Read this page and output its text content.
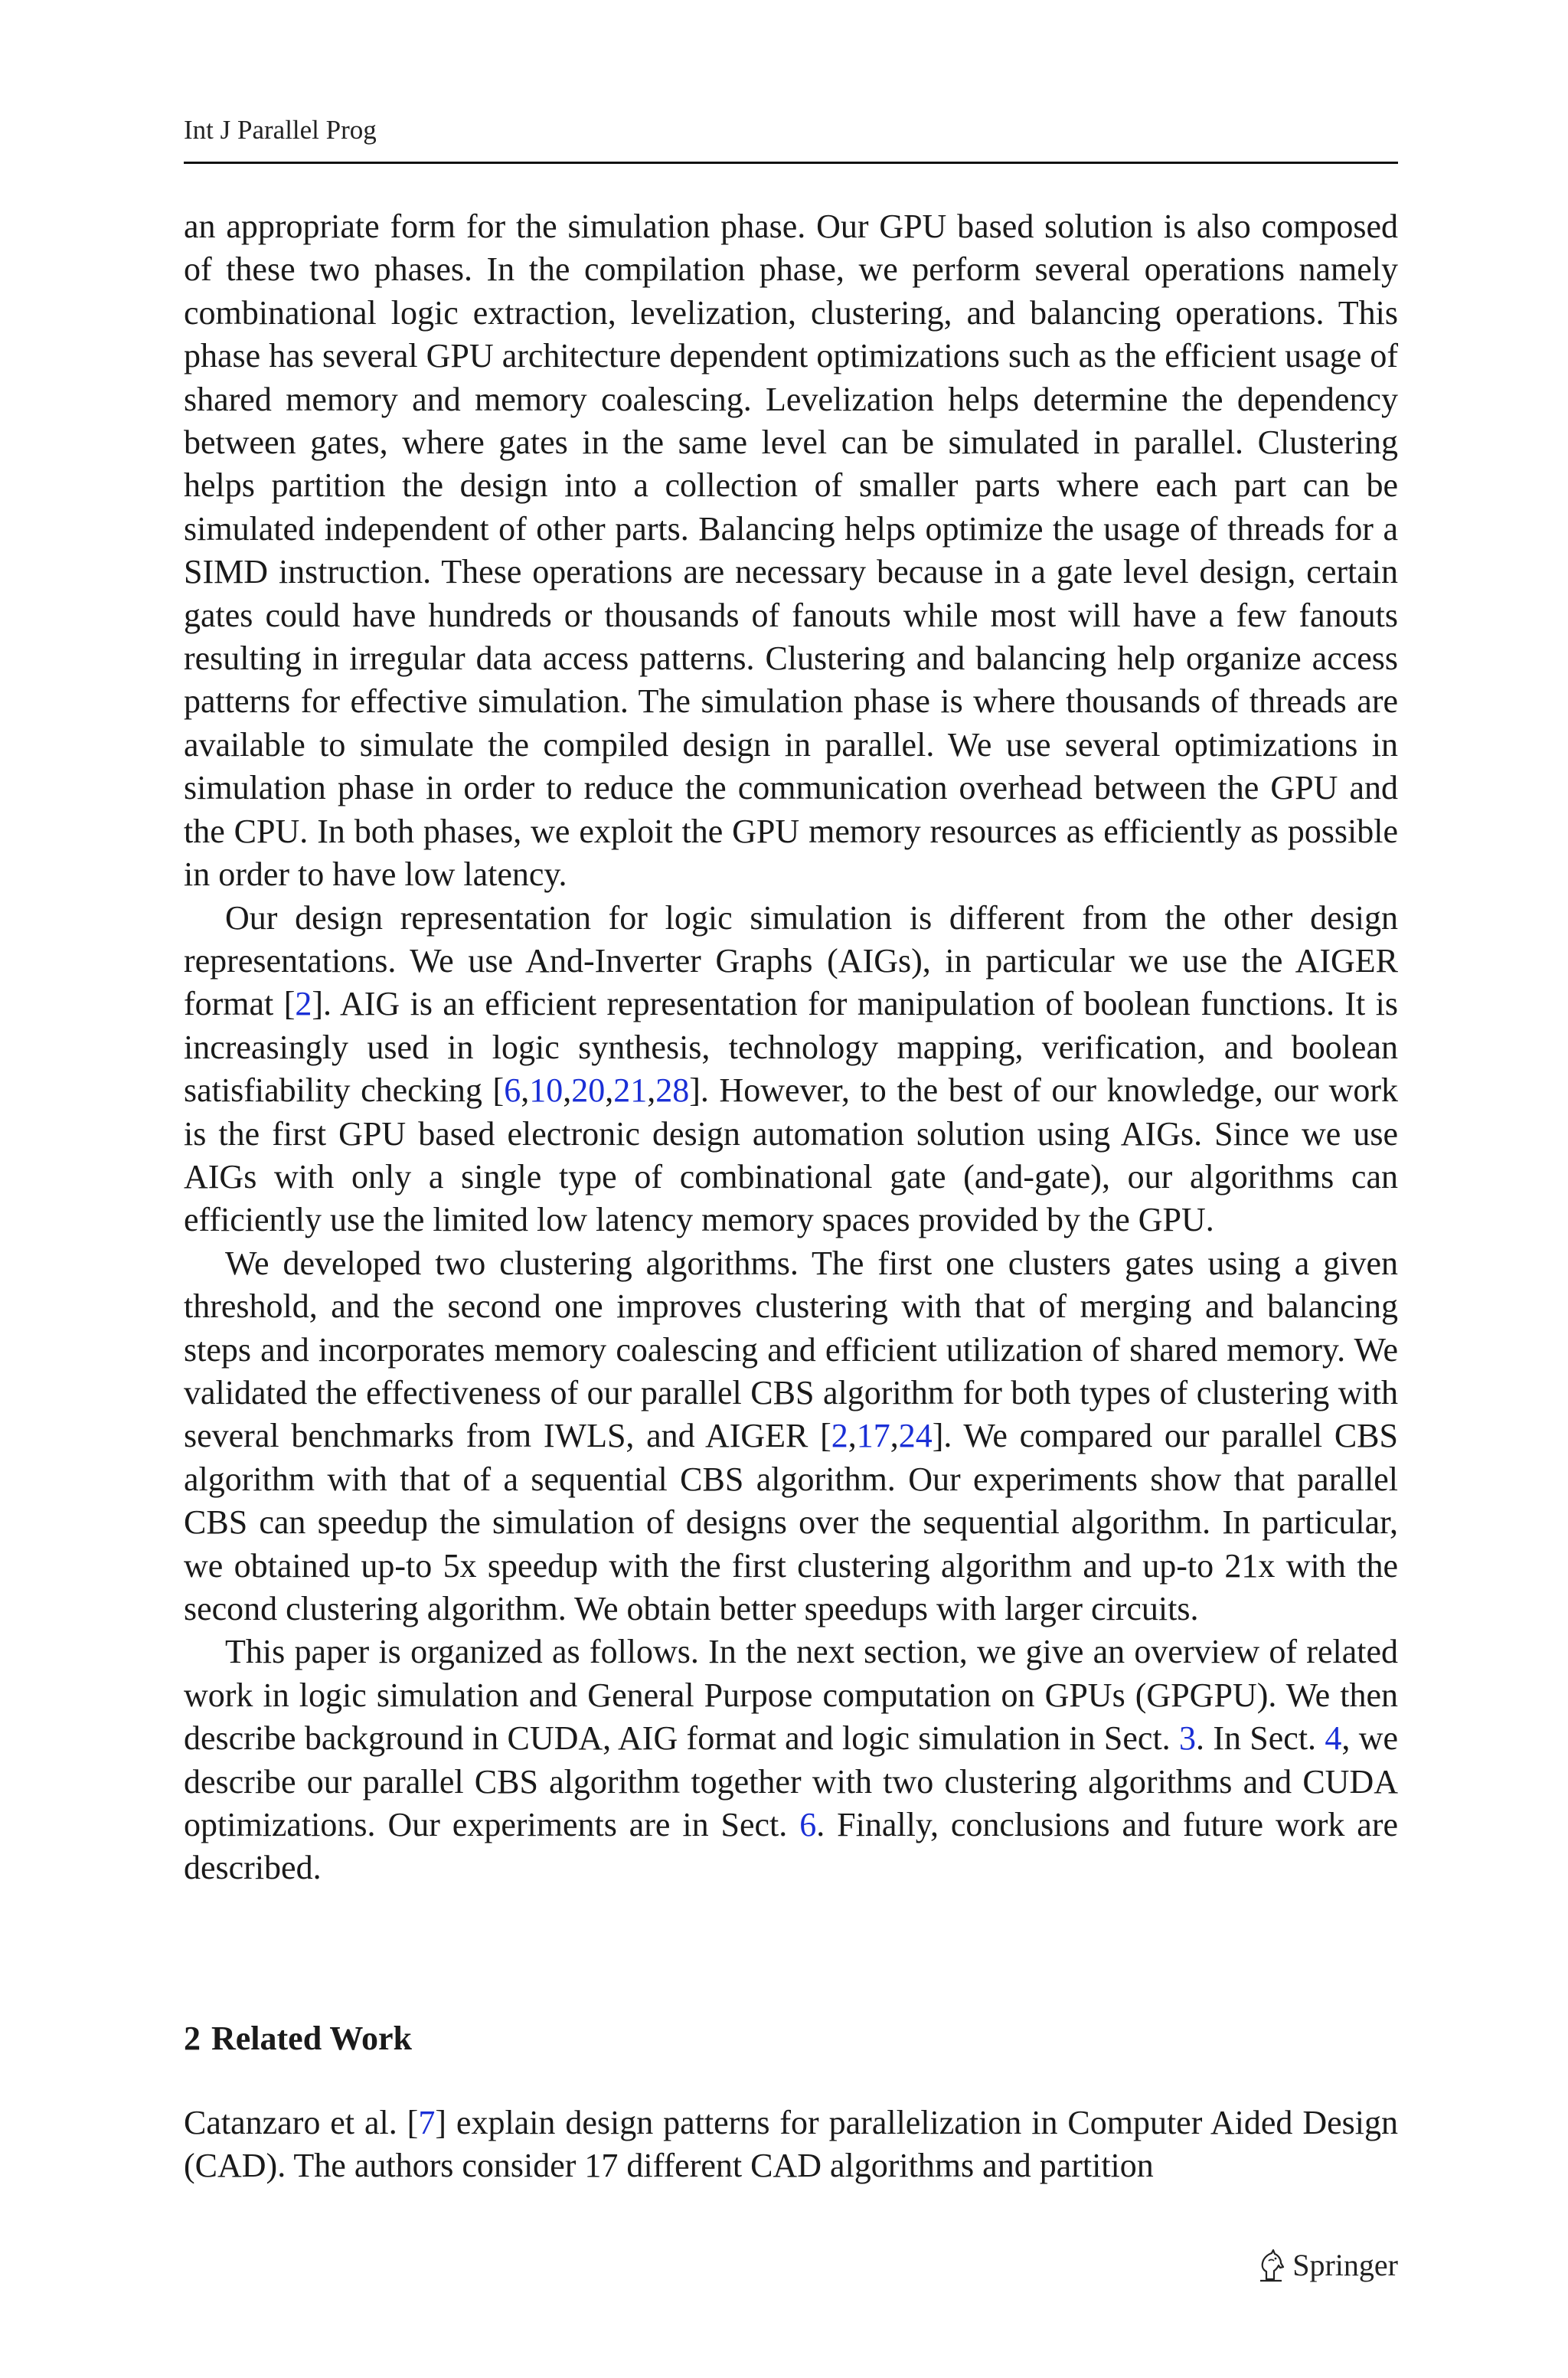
Int J Parallel Prog

an appropriate form for the simulation phase. Our GPU based solution is also composed of these two phases. In the compilation phase, we perform several operations namely combinational logic extraction, levelization, clustering, and balancing operations. This phase has several GPU architecture dependent optimizations such as the efficient usage of shared memory and memory coalescing. Levelization helps determine the dependency between gates, where gates in the same level can be simulated in parallel. Clustering helps partition the design into a collection of smaller parts where each part can be simulated independent of other parts. Balancing helps optimize the usage of threads for a SIMD instruction. These operations are necessary because in a gate level design, certain gates could have hundreds or thousands of fanouts while most will have a few fanouts resulting in irregular data access patterns. Clustering and balancing help organize access patterns for effective simulation. The simulation phase is where thousands of threads are available to simulate the compiled design in parallel. We use several optimizations in simulation phase in order to reduce the communication overhead between the GPU and the CPU. In both phases, we exploit the GPU memory resources as efficiently as possible in order to have low latency.

Our design representation for logic simulation is different from the other design representations. We use And-Inverter Graphs (AIGs), in particular we use the AIGER format [2]. AIG is an efficient representation for manipulation of boolean functions. It is increasingly used in logic synthesis, technology mapping, verification, and boolean satisfiability checking [6,10,20,21,28]. However, to the best of our knowledge, our work is the first GPU based electronic design automation solution using AIGs. Since we use AIGs with only a single type of combinational gate (and-gate), our algorithms can efficiently use the limited low latency memory spaces provided by the GPU.

We developed two clustering algorithms. The first one clusters gates using a given threshold, and the second one improves clustering with that of merging and balancing steps and incorporates memory coalescing and efficient utilization of shared memory. We validated the effectiveness of our parallel CBS algorithm for both types of clustering with several benchmarks from IWLS, and AIGER [2,17,24]. We compared our parallel CBS algorithm with that of a sequential CBS algorithm. Our experiments show that parallel CBS can speedup the simulation of designs over the sequential algorithm. In particular, we obtained up-to 5x speedup with the first clustering algorithm and up-to 21x with the second clustering algorithm. We obtain better speedups with larger circuits.

This paper is organized as follows. In the next section, we give an overview of related work in logic simulation and General Purpose computation on GPUs (GPGPU). We then describe background in CUDA, AIG format and logic simulation in Sect. 3. In Sect. 4, we describe our parallel CBS algorithm together with two clustering algorithms and CUDA optimizations. Our experiments are in Sect. 6. Finally, conclusions and future work are described.

2 Related Work

Catanzaro et al. [7] explain design patterns for parallelization in Computer Aided Design (CAD). The authors consider 17 different CAD algorithms and partition

Springer
